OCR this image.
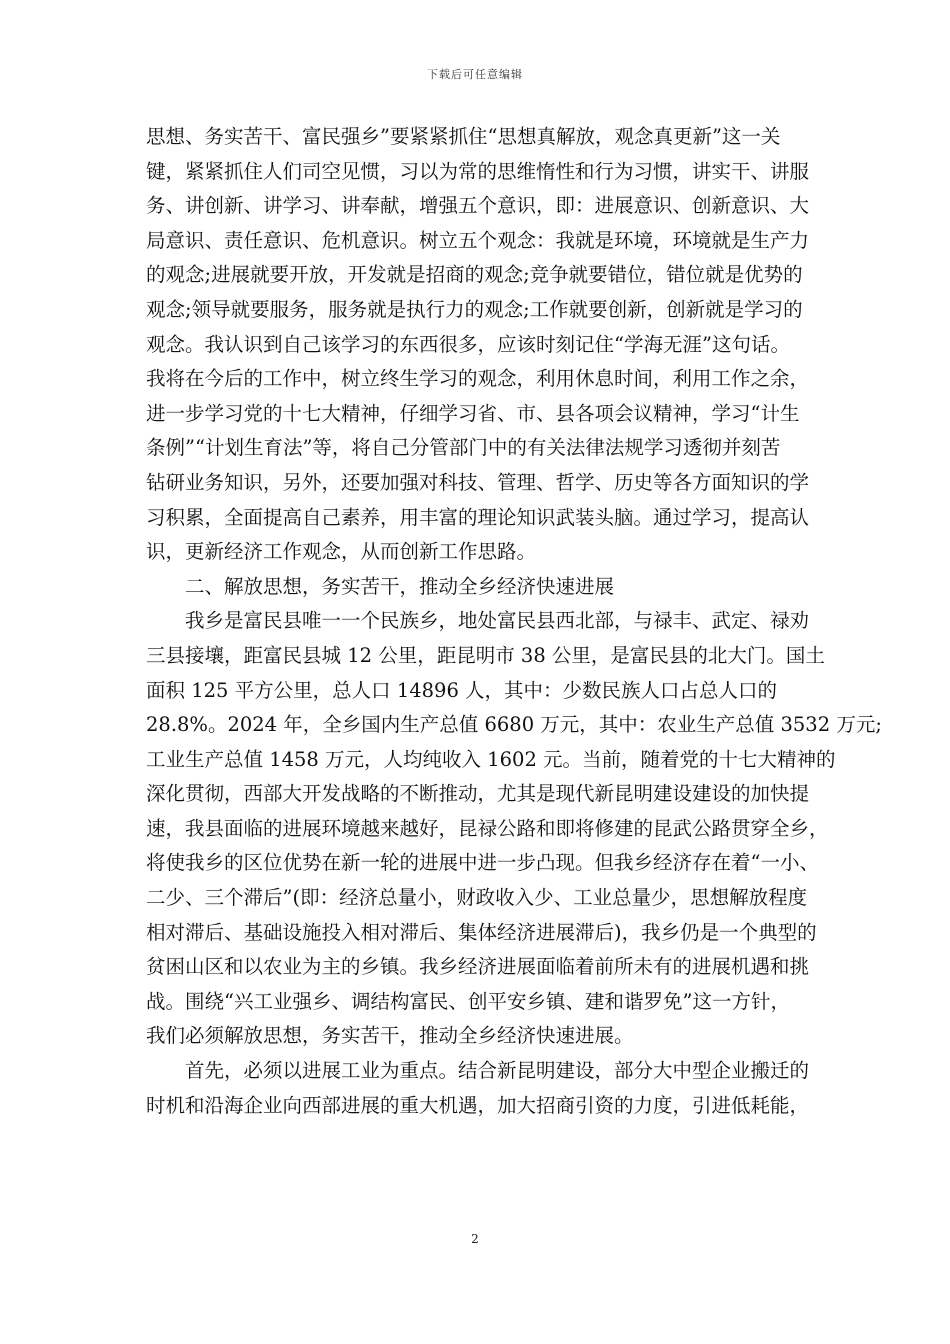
下载后可任意编辑
思想、务实苦干、富民强乡”要紧紧抓住“思想真解放，观念真更新”这一关
键，紧紧抓住人们司空见惯，习以为常的思维惰性和行为习惯，讲实干、讲服
务、讲创新、讲学习、讲奉献，增强五个意识，即：进展意识、创新意识、大
局意识、责任意识、危机意识。树立五个观念：我就是环境，环境就是生产力
的观念;进展就要开放，开发就是招商的观念;竞争就要错位，错位就是优势的
观念;领导就要服务，服务就是执行力的观念;工作就要创新，创新就是学习的
观念。我认识到自己该学习的东西很多，应该时刻记住“学海无涯”这句话。
我将在今后的工作中，树立终生学习的观念，利用休息时间，利用工作之余，
进一步学习党的十七大精神，仔细学习省、市、县各项会议精神，学习“计生
条例”“计划生育法”等，将自己分管部门中的有关法律法规学习透彻并刻苦
钻研业务知识，另外，还要加强对科技、管理、哲学、历史等各方面知识的学
习积累，全面提高自己素养，用丰富的理论知识武装头脑。通过学习，提高认
识，更新经济工作观念，从而创新工作思路。
二、解放思想，务实苦干，推动全乡经济快速进展
我乡是富民县唯一一个民族乡，地处富民县西北部，与禄丰、武定、禄劝
三县接壤，距富民县城 12 公里，距昆明市 38 公里，是富民县的北大门。国土
面积 125 平方公里，总人口 14896 人，其中：少数民族人口占总人口的
28.8%。2024 年，全乡国内生产总值 6680 万元，其中：农业生产总值 3532 万元;
工业生产总值 1458 万元，人均纯收入 1602 元。当前，随着党的十七大精神的
深化贯彻，西部大开发战略的不断推动，尤其是现代新昆明建设建设的加快提
速，我县面临的进展环境越来越好，昆禄公路和即将修建的昆武公路贯穿全乡，
将使我乡的区位优势在新一轮的进展中进一步凸现。但我乡经济存在着“一小、
二少、三个滞后”(即：经济总量小，财政收入少、工业总量少，思想解放程度
相对滞后、基础设施投入相对滞后、集体经济进展滞后)，我乡仍是一个典型的
贫困山区和以农业为主的乡镇。我乡经济进展面临着前所未有的进展机遇和挑
战。围绕“兴工业强乡、调结构富民、创平安乡镇、建和谐罗免”这一方针，
我们必须解放思想，务实苦干，推动全乡经济快速进展。
首先，必须以进展工业为重点。结合新昆明建设，部分大中型企业搬迁的
时机和沿海企业向西部进展的重大机遇，加大招商引资的力度，引进低耗能，
2
